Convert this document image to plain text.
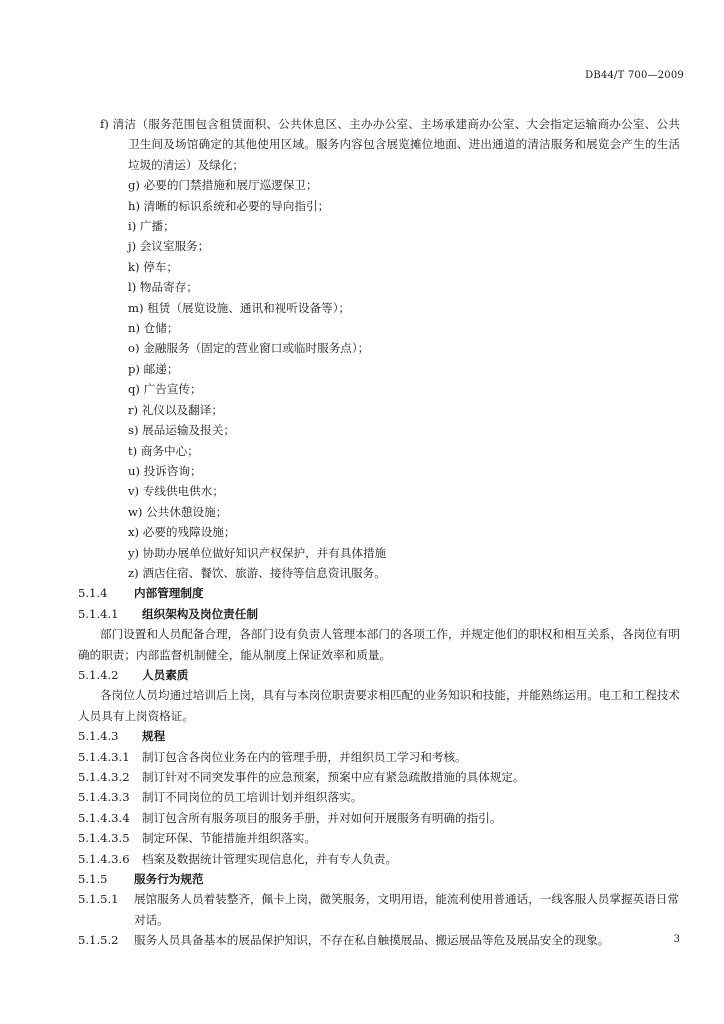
DB44/T 700—2009

f) 清洁（服务范围包含租赁面积、公共休息区、主办办公室、主场承建商办公室、大会指定运输商办公室、公共卫生间及场馆确定的其他使用区域。服务内容包含展览摊位地面、进出通道的清洁服务和展览会产生的生活垃圾的清运）及绿化；

g) 必要的门禁措施和展厅巡逻保卫；

h) 清晰的标识系统和必要的导向指引；

i) 广播；

j) 会议室服务；

k) 停车；

l) 物品寄存；

m) 租赁（展览设施、通讯和视听设备等）；

n) 仓储；

o) 金融服务（固定的营业窗口或临时服务点）；

p) 邮递；

q) 广告宣传；

r) 礼仪以及翻译；

s) 展品运输及报关；

t) 商务中心；

u) 投诉咨询；

v) 专线供电供水；

w) 公共休憩设施；

x) 必要的残障设施；

y) 协助办展单位做好知识产权保护，并有具体措施

z) 酒店住宿、餐饮、旅游、接待等信息资讯服务。

5.1.4	内部管理制度

5.1.4.1	组织架构及岗位责任制

部门设置和人员配备合理，各部门设有负责人管理本部门的各项工作，并规定他们的职权和相互关系，各岗位有明确的职责；内部监督机制健全，能从制度上保证效率和质量。

5.1.4.2	人员素质

各岗位人员均通过培训后上岗，具有与本岗位职责要求相匹配的业务知识和技能，并能熟练运用。电工和工程技术人员具有上岗资格证。

5.1.4.3	规程

5.1.4.3.1	制订包含各岗位业务在内的管理手册，并组织员工学习和考核。

5.1.4.3.2	制订针对不同突发事件的应急预案，预案中应有紧急疏散措施的具体规定。

5.1.4.3.3	制订不同岗位的员工培训计划并组织落实。

5.1.4.3.4	制订包含所有服务项目的服务手册，并对如何开展服务有明确的指引。

5.1.4.3.5	制定环保、节能措施并组织落实。

5.1.4.3.6	档案及数据统计管理实现信息化，并有专人负责。

5.1.5	服务行为规范

5.1.5.1	展馆服务人员着装整齐，佩卡上岗，微笑服务，文明用语，能流利使用普通话，一线客服人员掌握英语日常对话。

5.1.5.2	服务人员具备基本的展品保护知识，不存在私自触摸展品、搬运展品等危及展品安全的现象。	3
